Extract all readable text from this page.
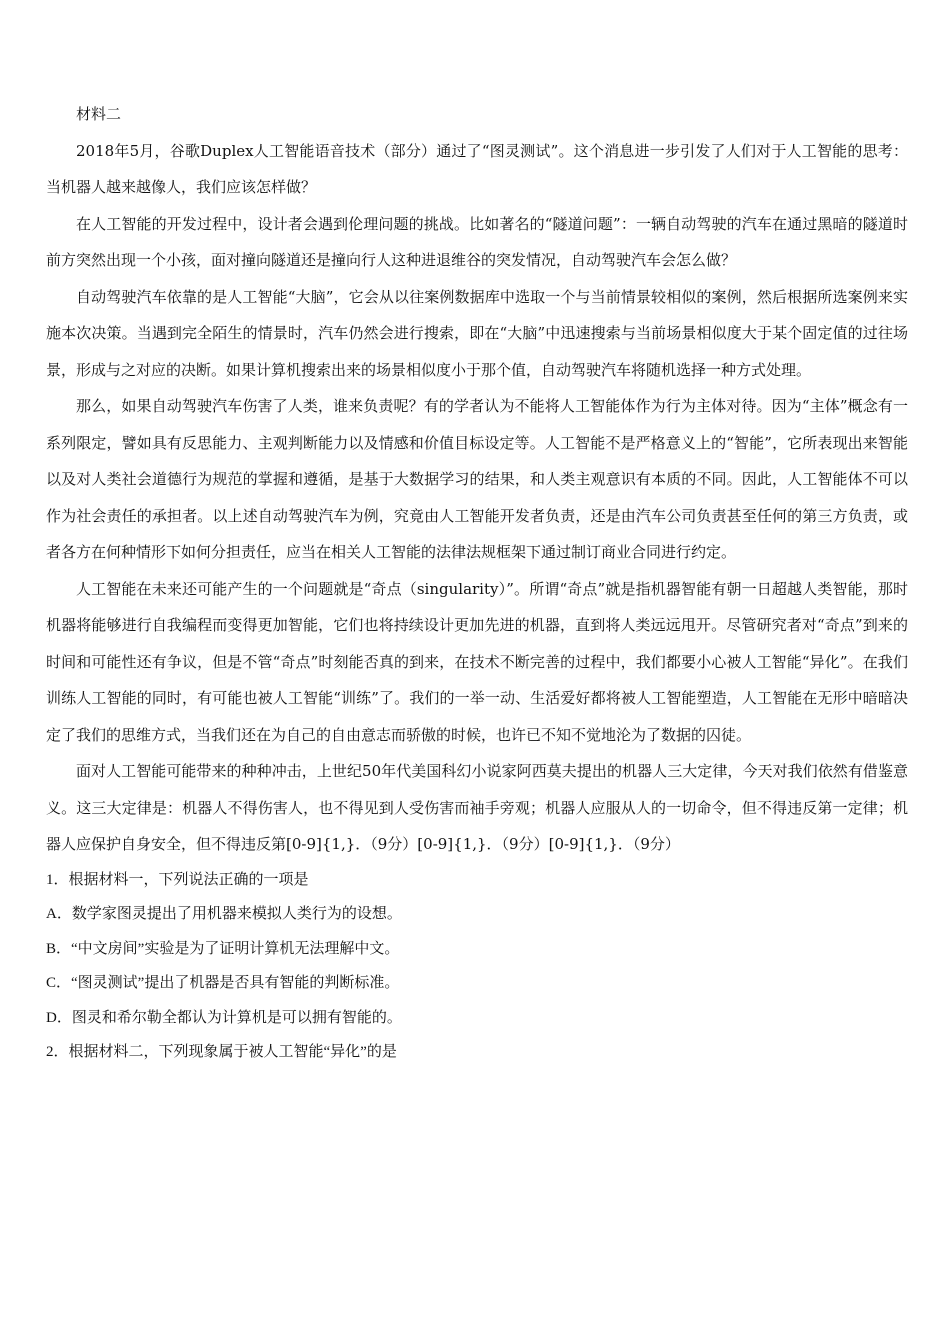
材料二

2018年5月，谷歌Duplex人工智能语音技术（部分）通过了“图灵测试”。这个消息进一步引发了人们对于人工智能的思考：当机器人越来越像人，我们应该怎样做？

在人工智能的开发过程中，设计者会遇到伦理问题的挑战。比如著名的“隧道问题”：一辆自动驾驶的汽车在通过黑暗的隧道时前方突然出现一个小孩，面对撞向隧道还是撞向行人这种进退维谷的突发情况，自动驾驶汽车会怎么做？

自动驾驶汽车依靠的是人工智能“大脑”，它会从以往案例数据库中选取一个与当前情景较相似的案例，然后根据所选案例来实施本次决策。当遇到完全陌生的情景时，汽车仍然会进行搜索，即在“大脑”中迅速搜索与当前场景相似度大于某个固定值的过往场景，形成与之对应的决断。如果计算机搜索出来的场景相似度小于那个值，自动驾驶汽车将随机选择一种方式处理。

那么，如果自动驾驶汽车伤害了人类，谁来负责呢？有的学者认为不能将人工智能体作为行为主体对待。因为“主体”概念有一系列限定，譬如具有反思能力、主观判断能力以及情感和价值目标设定等。人工智能不是严格意义上的“智能”，它所表现出来智能以及对人类社会道德行为规范的掌握和遵循，是基于大数据学习的结果，和人类主观意识有本质的不同。因此，人工智能体不可以作为社会责任的承担者。以上述自动驾驶汽车为例，究竟由人工智能开发者负责，还是由汽车公司负责甚至任何的第三方负责，或者各方在何种情形下如何分担责任，应当在相关人工智能的法律法规框架下通过制订商业合同进行约定。

人工智能在未来还可能产生的一个问题就是“奇点（singularity）”。所谓“奇点”就是指机器智能有朝一日超越人类智能，那时机器将能够进行自我编程而变得更加智能，它们也将持续设计更加先进的机器，直到将人类远远甩开。尽管研究者对“奇点”到来的时间和可能性还有争议，但是不管“奇点”时刻能否真的到来，在技术不断完善的过程中，我们都要小心被人工智能“异化”。在我们训练人工智能的同时，有可能也被人工智能“训练”了。我们的一举一动、生活爱好都将被人工智能塑造，人工智能在无形中暗暗决定了我们的思维方式，当我们还在为自己的自由意志而骄傲的时候，也许已不知不觉地沦为了数据的囚徒。

面对人工智能可能带来的种种冲击，上世纪50年代美国科幻小说家阿西莫夫提出的机器人三大定律，今天对我们依然有借鉴意义。这三大定律是：机器人不得伤害人，也不得见到人受伤害而袖手旁观；机器人应服从人的一切命令，但不得违反第一定律；机器人应保护自身安全，但不得违反第[0-9]{1,}．（9分）[0-9]{1,}．（9分）[0-9]{1,}．（9分）

1．根据材料一，下列说法正确的一项是

A．数学家图灵提出了用机器来模拟人类行为的设想。

B．“中文房间”实验是为了证明计算机无法理解中文。

C．“图灵测试”提出了机器是否具有智能的判断标准。

D．图灵和希尔勒全都认为计算机是可以拥有智能的。

2．根据材料二，下列现象属于被人工智能“异化”的是
